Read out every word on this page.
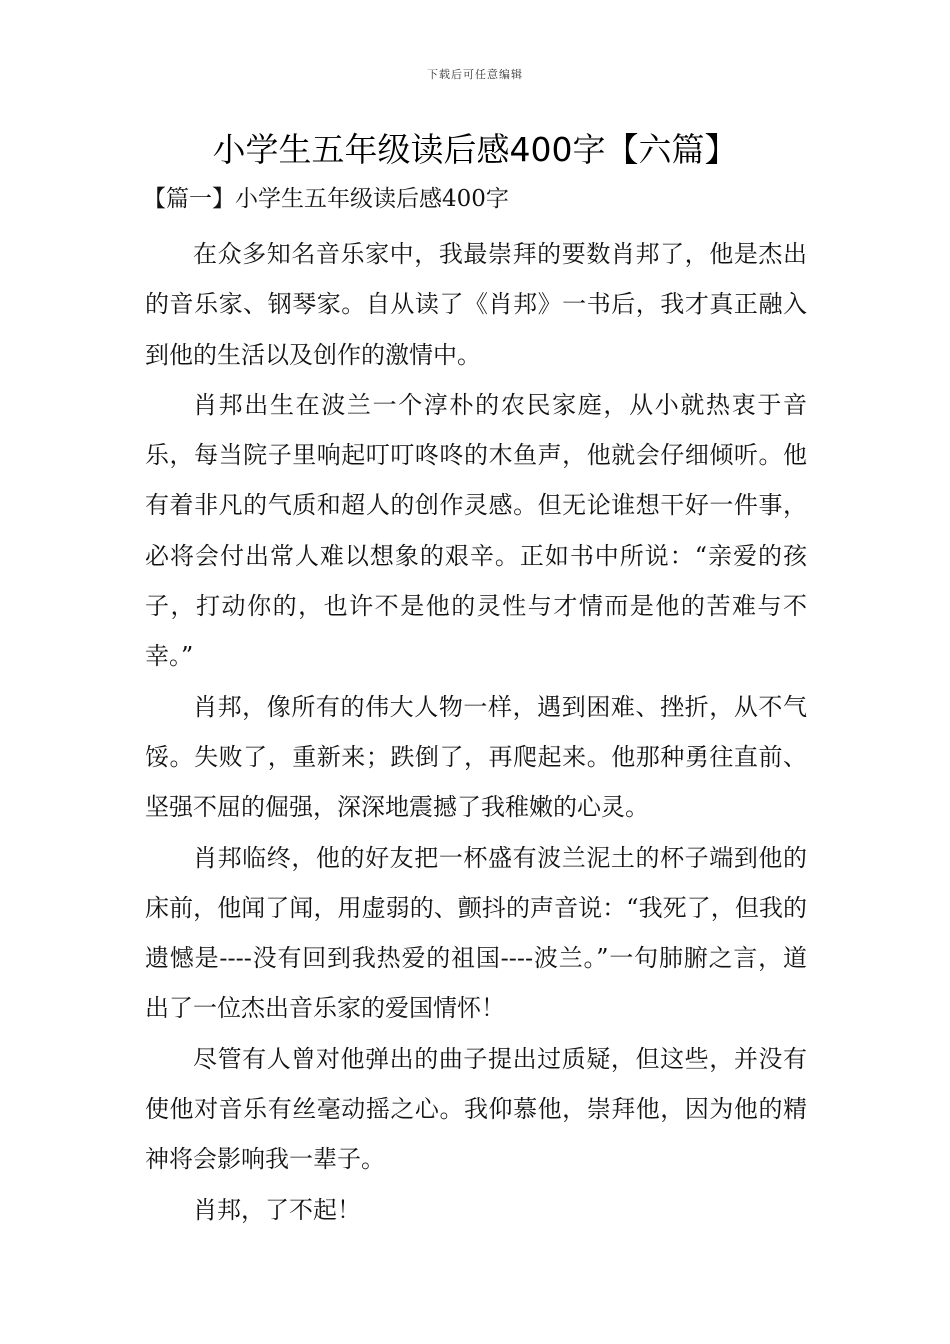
下载后可任意编辑
小学生五年级读后感400字【六篇】
【篇一】小学生五年级读后感400字

在众多知名音乐家中，我最崇拜的要数肖邦了，他是杰出的音乐家、钢琴家。自从读了《肖邦》一书后，我才真正融入到他的生活以及创作的激情中。

肖邦出生在波兰一个淳朴的农民家庭，从小就热衷于音乐，每当院子里响起叮叮咚咚的木鱼声，他就会仔细倾听。他有着非凡的气质和超人的创作灵感。但无论谁想干好一件事，必将会付出常人难以想象的艰辛。正如书中所说：“亲爱的孩子，打动你的，也许不是他的灵性与才情而是他的苦难与不幸。”

肖邦，像所有的伟大人物一样，遇到困难、挫折，从不气馁。失败了，重新来；跌倒了，再爬起来。他那种勇往直前、坚强不屈的倔强，深深地震撼了我稚嫩的心灵。

肖邦临终，他的好友把一杯盛有波兰泥土的杯子端到他的床前，他闻了闻，用虚弱的、颤抖的声音说：“我死了，但我的遗憾是----没有回到我热爱的祖国----波兰。”一句肺腑之言，道出了一位杰出音乐家的爱国情怀！

尽管有人曾对他弹出的曲子提出过质疑，但这些，并没有使他对音乐有丝毫动摇之心。我仰慕他，崇拜他，因为他的精神将会影响我一辈子。

肖邦，了不起！
